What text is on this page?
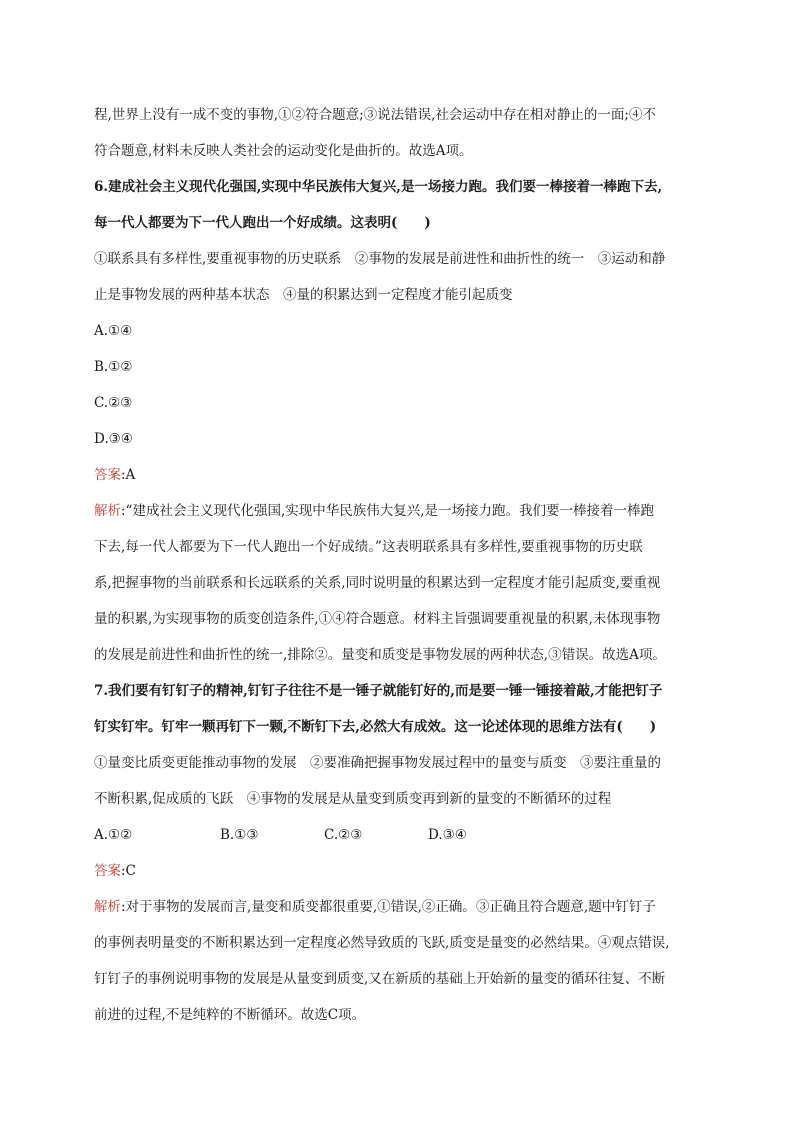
程,世界上没有一成不变的事物,①②符合题意;③说法错误,社会运动中存在相对静止的一面;④不
符合题意,材料未反映人类社会的运动变化是曲折的。故选A项。
6.建成社会主义现代化强国,实现中华民族伟大复兴,是一场接力跑。我们要一棒接着一棒跑下去,
每一代人都要为下一代人跑出一个好成绩。这表明(　　)
①联系具有多样性,要重视事物的历史联系　②事物的发展是前进性和曲折性的统一　③运动和静
止是事物发展的两种基本状态　④量的积累达到一定程度才能引起质变
A.①④
B.①②
C.②③
D.③④
答案:A
解析:“建成社会主义现代化强国,实现中华民族伟大复兴,是一场接力跑。我们要一棒接着一棒跑
下去,每一代人都要为下一代人跑出一个好成绩。”这表明联系具有多样性,要重视事物的历史联
系,把握事物的当前联系和长远联系的关系,同时说明量的积累达到一定程度才能引起质变,要重视
量的积累,为实现事物的质变创造条件,①④符合题意。材料主旨强调要重视量的积累,未体现事物
的发展是前进性和曲折性的统一,排除②。量变和质变是事物发展的两种状态,③错误。故选A项。
7.我们要有钉钉子的精神,钉钉子往往不是一锤子就能钉好的,而是要一锤一锤接着敲,才能把钉子
钉实钉牢。钉牢一颗再钉下一颗,不断钉下去,必然大有成效。这一论述体现的思维方法有(　　)
①量变比质变更能推动事物的发展　②要准确把握事物发展过程中的量变与质变　③要注重量的
不断积累,促成质的飞跃　④事物的发展是从量变到质变再到新的量变的不断循环的过程
A.①②	B.①③	C.②③	D.③④
答案:C
解析:对于事物的发展而言,量变和质变都很重要,①错误,②正确。③正确且符合题意,题中钉钉子
的事例表明量变的不断积累达到一定程度必然导致质的飞跃,质变是量变的必然结果。④观点错误,
钉钉子的事例说明事物的发展是从量变到质变,又在新质的基础上开始新的量变的循环往复、不断
前进的过程,不是纯粹的不断循环。故选C项。
